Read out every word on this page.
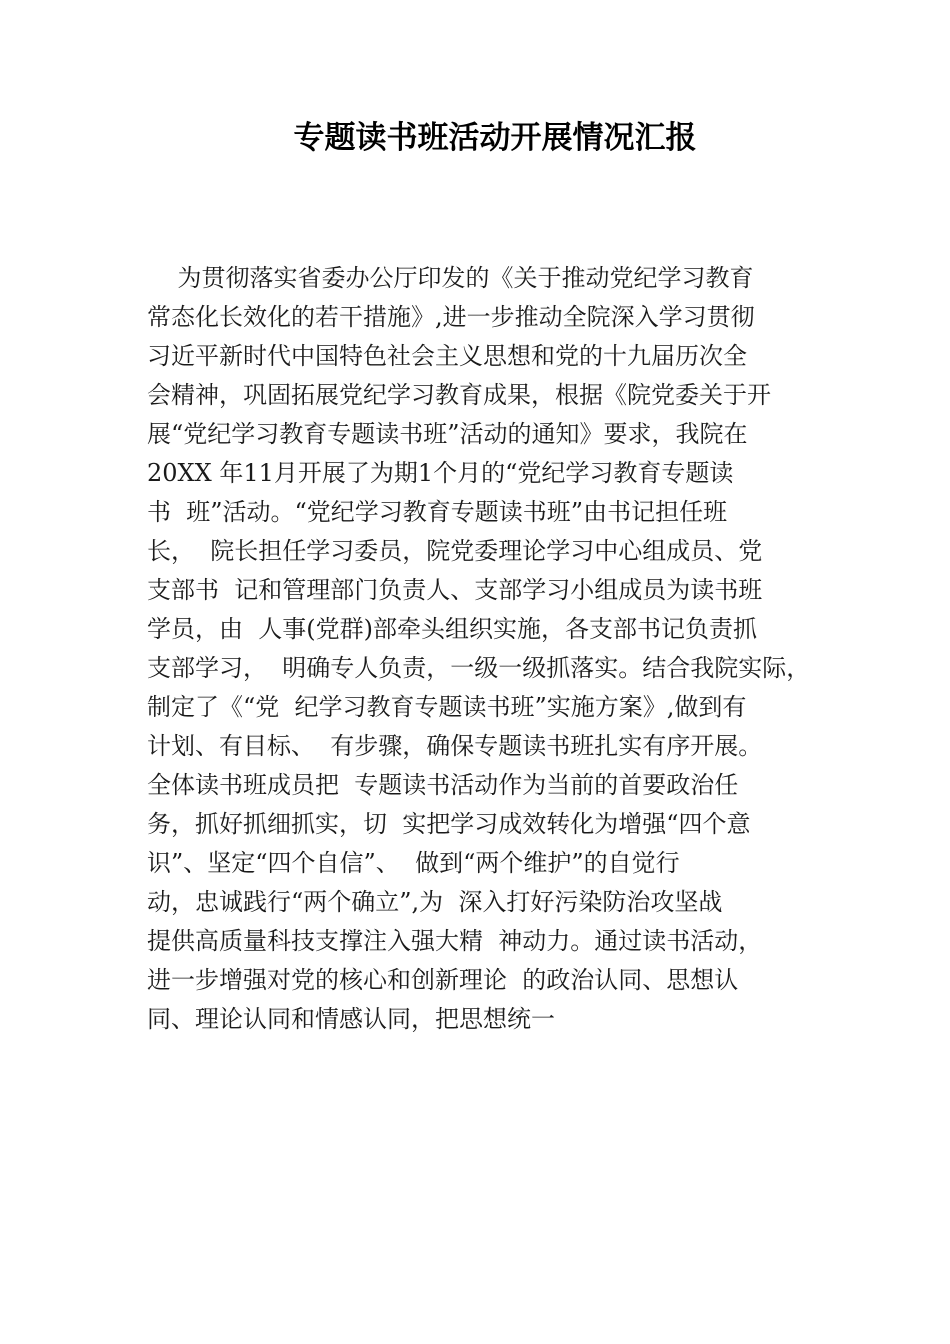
专题读书班活动开展情况汇报
为贯彻落实省委办公厅印发的《关于推动党纪学习教育
常态化长效化的若干措施》,进一步推动全院深入学习贯彻
习近平新时代中国特色社会主义思想和党的十九届历次全
会精神，巩固拓展党纪学习教育成果，根据《院党委关于开
展“党纪学习教育专题读书班”活动的通知》要求，我院在
20XX 年11月开展了为期1个月的“党纪学习教育专题读
书  班”活动。“党纪学习教育专题读书班”由书记担任班
长，  院长担任学习委员，院党委理论学习中心组成员、党
支部书  记和管理部门负责人、支部学习小组成员为读书班
学员，由  人事(党群)部牵头组织实施，各支部书记负责抓
支部学习，  明确专人负责，一级一级抓落实。结合我院实际，
制定了《“党  纪学习教育专题读书班”实施方案》,做到有
计划、有目标、  有步骤，确保专题读书班扎实有序开展。
全体读书班成员把  专题读书活动作为当前的首要政治任
务，抓好抓细抓实，切  实把学习成效转化为增强“四个意
识”、坚定“四个自信”、  做到“两个维护”的自觉行
动，忠诚践行“两个确立”,为  深入打好污染防治攻坚战
提供高质量科技支撑注入强大精  神动力。通过读书活动，
进一步增强对党的核心和创新理论  的政治认同、思想认
同、理论认同和情感认同，把思想统一
